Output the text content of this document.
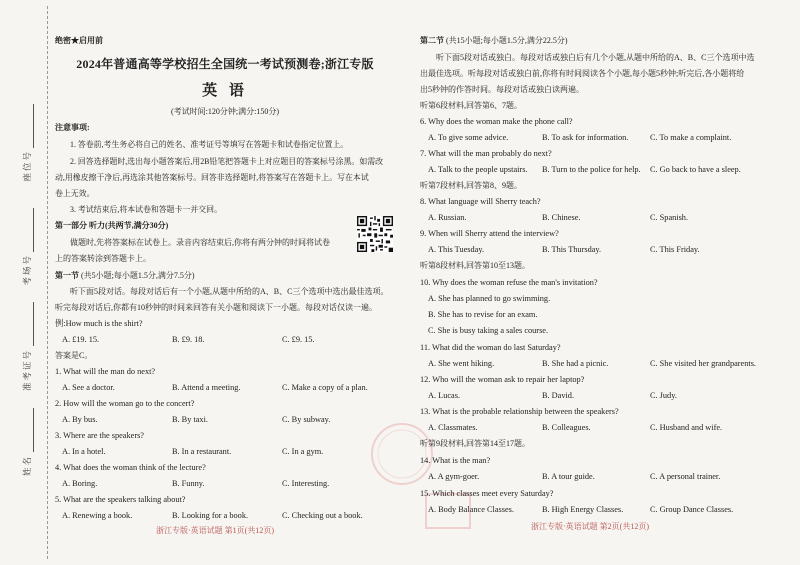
座位号
考场号
准考证号
姓名
绝密★启用前
2024年普通高等学校招生全国统一考试预测卷;浙江专版
英 语
(考试时间:120分钟;满分:150分)
注意事项:
1. 答卷前,考生务必将自己的姓名、准考证号等填写在答题卡和试卷指定位置上。
2. 回答选择题时,选出每小题答案后,用2B铅笔把答题卡上对应题目的答案标号涂黑。如需改
动,用橡皮擦干净后,再选涂其他答案标号。回答非选择题时,将答案写在答题卡上。写在本试
卷上无效。
3. 考试结束后,将本试卷和答题卡一并交回。
第一部分 听力(共两节,满分30分)
做题时,先将答案标在试卷上。录音内容结束后,你将有两分钟的时间将试卷
上的答案转涂到答题卡上。
第一节 (共5小题;每小题1.5分,满分7.5分)
听下面5段对话。每段对话后有一个小题,从题中所给的A、B、C三个选项中选出最佳选项。
听完每段对话后,你都有10秒钟的时间来回答有关小题和阅读下一小题。每段对话仅读一遍。
例:How much is the shirt?
A. £19. 15.	B. £9. 18.	C. £9. 15.
答案是C。
1. What will the man do next?
A. See a doctor.	B. Attend a meeting.	C. Make a copy of a plan.
2. How will the woman go to the concert?
A. By bus.	B. By taxi.	C. By subway.
3. Where are the speakers?
A. In a hotel.	B. In a restaurant.	C. In a gym.
4. What does the woman think of the lecture?
A. Boring.	B. Funny.	C. Interesting.
5. What are the speakers talking about?
A. Renewing a book.	B. Looking for a book.	C. Checking out a book.
浙江专版·英语试题 第1页(共12页)
第二节 (共15小题;每小题1.5分,满分22.5分)
听下面5段对话或独白。每段对话或独白后有几个小题,从题中所给的A、B、C三个选项中选
出最佳选项。听每段对话或独白前,你将有时间阅读各个小题,每小题5秒钟;听完后,各小题将给
出5秒钟的作答时间。每段对话或独白读两遍。
听第6段材料,回答第6、7题。
6. Why does the woman make the phone call?
A. To give some advice.	B. To ask for information.	C. To make a complaint.
7. What will the man probably do next?
A. Talk to the people upstairs. B. Turn to the police for help. C. Go back to have a sleep.
听第7段材料,回答第8、9题。
8. What language will Sherry teach?
A. Russian.	B. Chinese.	C. Spanish.
9. When will Sherry attend the interview?
A. This Tuesday.	B. This Thursday.	C. This Friday.
听第8段材料,回答第10至13题。
10. Why does the woman refuse the man's invitation?
A. She has planned to go swimming.
B. She has to revise for an exam.
C. She is busy taking a sales course.
11. What did the woman do last Saturday?
A. She went hiking.	B. She had a picnic.	C. She visited her grandparents.
12. Who will the woman ask to repair her laptop?
A. Lucas.	B. David.	C. Judy.
13. What is the probable relationship between the speakers?
A. Classmates.	B. Colleagues.	C. Husband and wife.
听第9段材料,回答第14至17题。
14. What is the man?
A. A gym-goer.	B. A tour guide.	C. A personal trainer.
15. Which classes meet every Saturday?
A. Body Balance Classes.	B. High Energy Classes.	C. Group Dance Classes.
浙江专版·英语试题 第2页(共12页)
